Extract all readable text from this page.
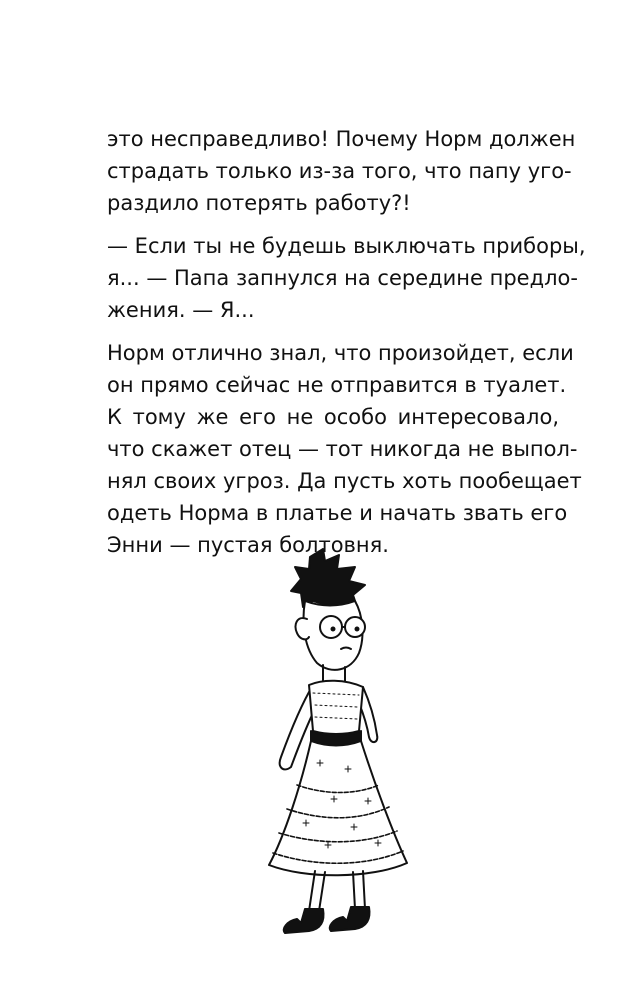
это несправедливо! Почему Норм должен
страдать только из-за того, что папу уго-
раздило потерять работу?!
— Если ты не будешь выключать приборы,
я... — Папа запнулся на середине предло-
жения. — Я...
Норм отлично знал, что произойдет, если
он прямо сейчас не отправится в туалет.
К тому же его не особо интересовало,
что скажет отец — тот никогда не выпол-
нял своих угроз. Да пусть хоть пообещает
одеть Норма в платье и начать звать его
Энни — пустая болтовня.
